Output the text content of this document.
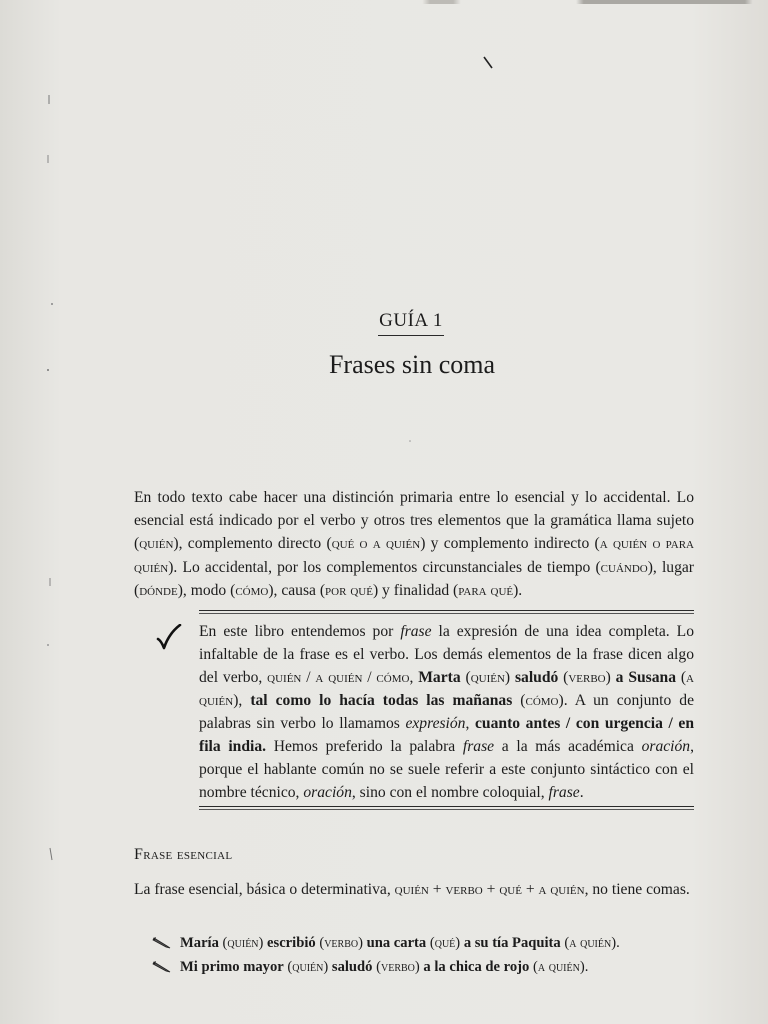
GUÍA 1
Frases sin coma

En todo texto cabe hacer una distinción primaria entre lo esencial y lo accidental. Lo esencial está indicado por el verbo y otros tres elementos que la gramática llama sujeto (quién), complemento directo (qué o a quién) y complemento indirecto (a quién o para quién). Lo accidental, por los complementos circunstanciales de tiempo (cuándo), lugar (dónde), modo (cómo), causa (por qué) y finalidad (para qué).

En este libro entendemos por frase la expresión de una idea completa. Lo infaltable de la frase es el verbo. Los demás elementos de la frase dicen algo del verbo, quién / a quién / cómo, Marta (quién) saludó (verbo) a Susana (a quién), tal como lo hacía todas las mañanas (cómo). A un conjunto de palabras sin verbo lo llamamos expresión, cuanto antes / con urgencia / en fila india. Hemos preferido la palabra frase a la más académica oración, porque el hablante común no se suele referir a este conjunto sintáctico con el nombre técnico, oración, sino con el nombre coloquial, frase.

Frase esencial

La frase esencial, básica o determinativa, quién + verbo + qué + a quién, no tiene comas.

María (quién) escribió (verbo) una carta (qué) a su tía Paquita (a quién).
Mi primo mayor (quién) saludó (verbo) a la chica de rojo (a quién).
